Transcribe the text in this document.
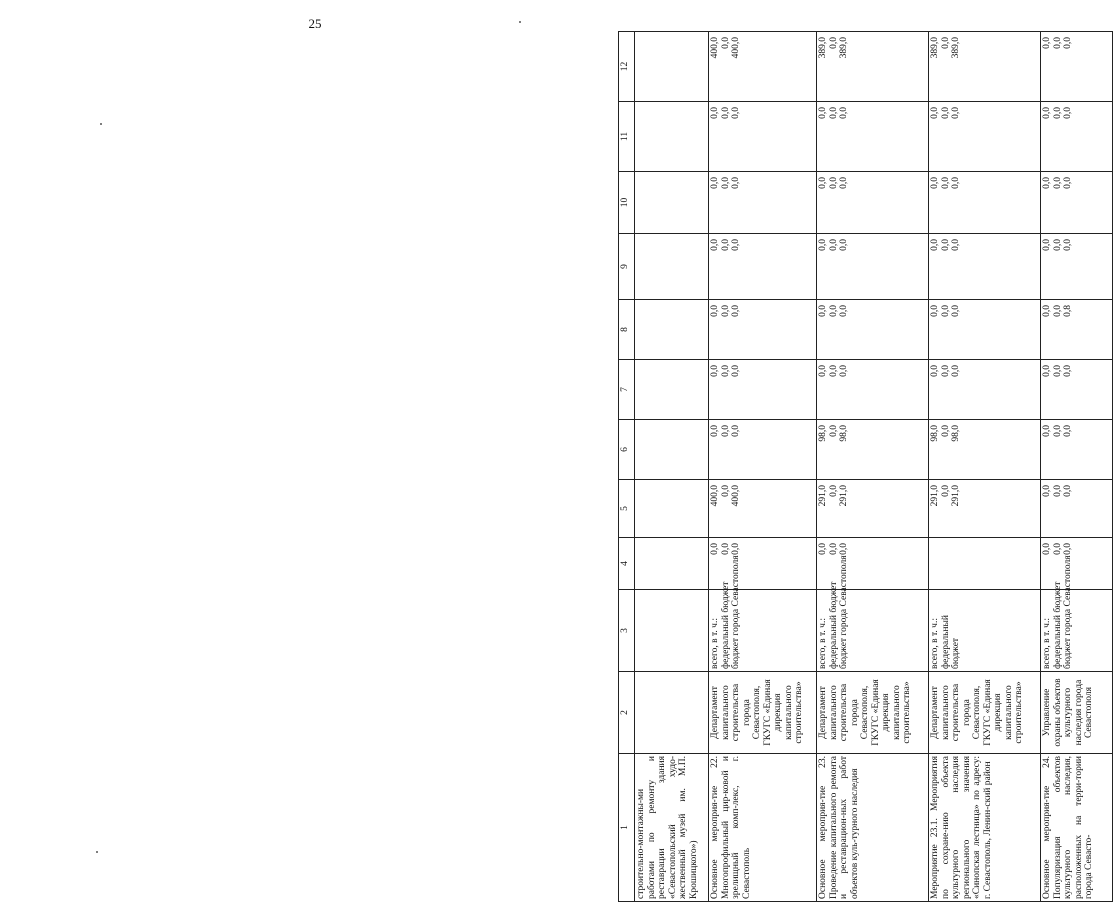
25
1	2	3	4	5	6	7	8	9	10	11	12
строительно-монтажны-ми работами по ремонту и реставрации здания «Севастопольский худо-жественный музей им. М.П. Крошицкого»)											
Основное мероприя-тие 22. Многопрофильный цир-ковой и зрелищный комп-лекс, г. Севастополь	Департамент капитального строительства города Севастополя, ГКУГС «Единая дирекция капитального строительства»	всего, в т. ч.: федеральный бюджет бюджет города Севастополя	0,0 0,0 0,0	400,0 0,0 400,0	0,0 0,0 0,0	0,0 0,0 0,0	0,0 0,0 0,0	0,0 0,0 0,0	0,0 0,0 0,0	0,0 0,0 0,0	400,0 0,0 400,0

Основное мероприя-тие 23. Проведение капитального ремонта и реставрацион-ных работ объектов куль-турного наследия	Департамент капитального строительства города Севастополя, ГКУГС «Единая дирекция капитального строительства»	всего, в т. ч.: федеральный бюджет бюджет города Севастополя	0,0 0,0 0,0	291,0 0,0 291,0	98,0 0,0 98,0	0,0 0,0 0,0	0,0 0,0 0,0	0,0 0,0 0,0	0,0 0,0 0,0	0,0 0,0 0,0	389,0 0,0 389,0

Мероприятие 23.1. Мероприятия по сохране-нию объекта культурного наследия регионального значения «Синопская лестница» по адресу: г. Севастополь, Ленин-ский район	Департамент капитального строительства города Севастополя, ГКУГС «Единая дирекция капитального строительства»	всего, в т. ч.: федеральный бюджет		291,0 0,0 291,0	98,0 0,0 98,0	0,0 0,0 0,0	0,0 0,0 0,0	0,0 0,0 0,0	0,0 0,0 0,0	0,0 0,0 0,0	389,0 0,0 389,0

Основное мероприя-тие 24. Популяризация объектов культурного наследия, расположенных на терри-тории города Севасто-	Управление охраны объектов культурного наследия города Севастополя	всего, в т. ч.: федеральный бюджет бюджет города Севастополя	0,0 0,0 0,0	0,0 0,0 0,0	0,0 0,0 0,0	0,0 0,0 0,0	0,0 0,0 0,8	0,0 0,0 0,0	0,0 0,0 0,0	0,0 0,0 0,0	0,0 0,0 0,0
